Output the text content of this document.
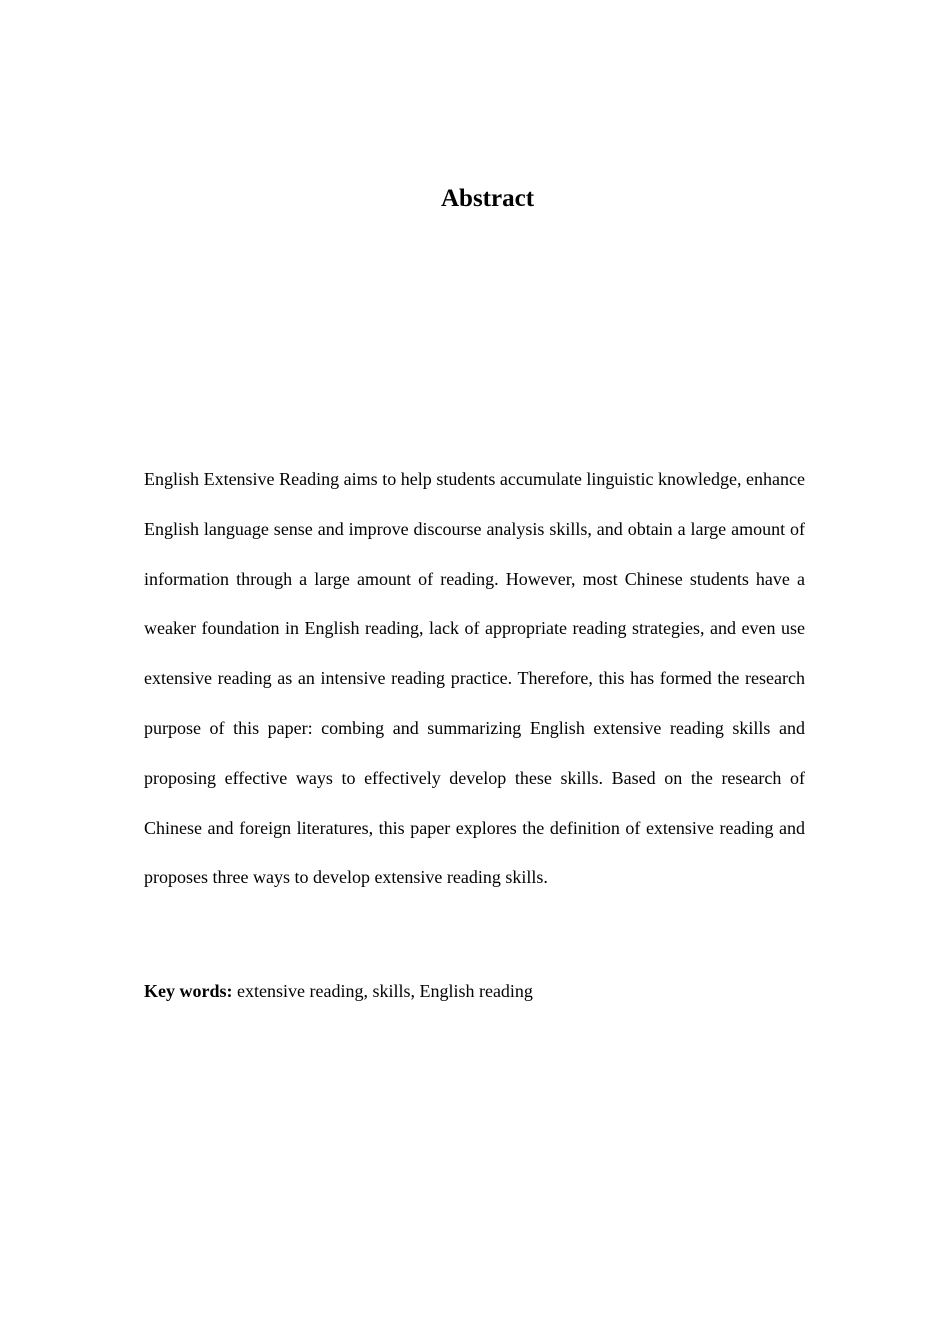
Abstract

English Extensive Reading aims to help students accumulate linguistic knowledge, enhance English language sense and improve discourse analysis skills, and obtain a large amount of information through a large amount of reading. However, most Chinese students have a weaker foundation in English reading, lack of appropriate reading strategies, and even use extensive reading as an intensive reading practice. Therefore, this has formed the research purpose of this paper: combing and summarizing English extensive reading skills and proposing effective ways to effectively develop these skills. Based on the research of Chinese and foreign literatures, this paper explores the definition of extensive reading and proposes three ways to develop extensive reading skills.

Key words: extensive reading, skills, English reading
